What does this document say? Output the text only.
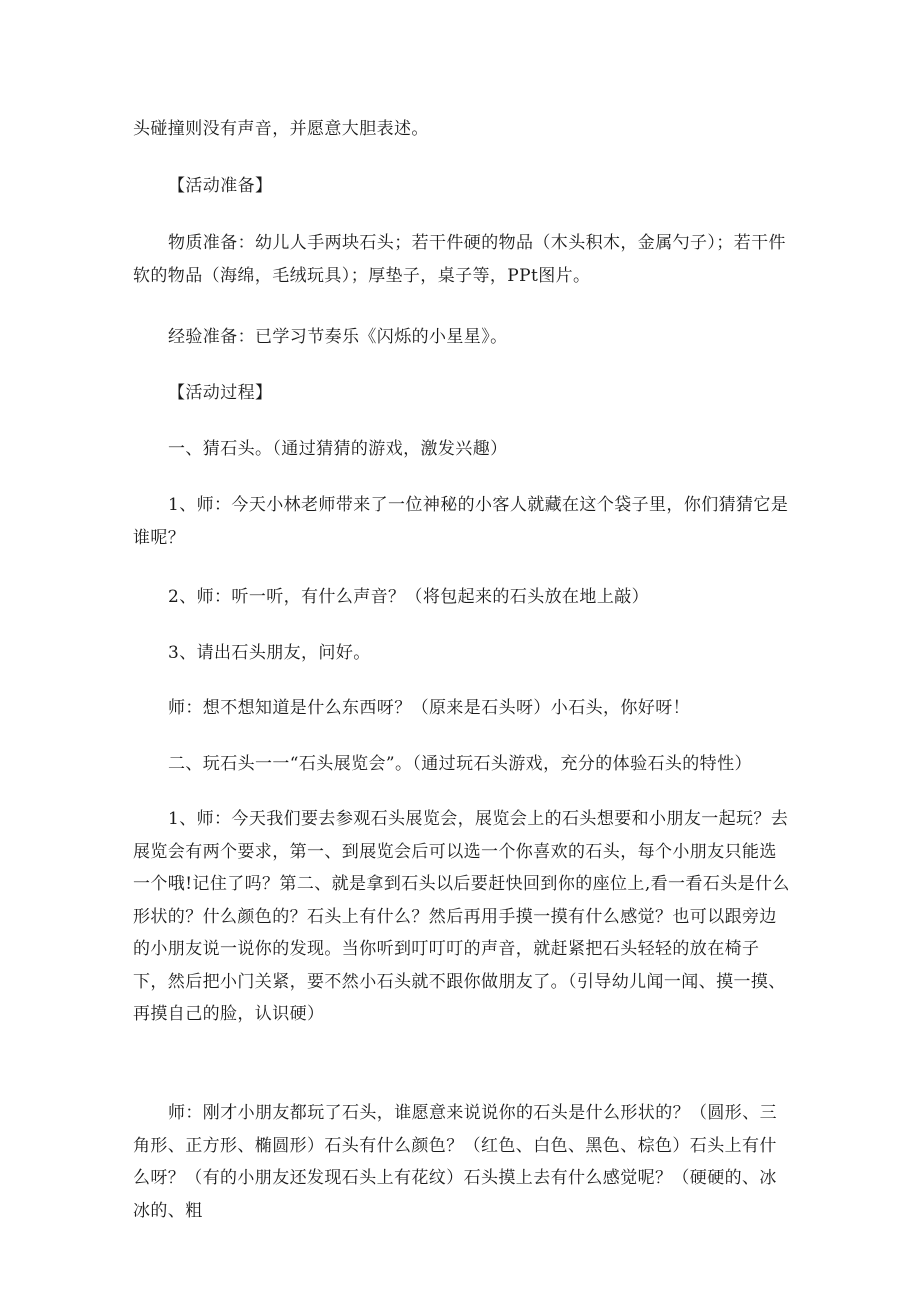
头碰撞则没有声音，并愿意大胆表述。

【活动准备】

物质准备：幼儿人手两块石头；若干件硬的物品（木头积木，金属勺子）；若干件软的物品（海绵，毛绒玩具）；厚垫子，桌子等，PPt图片。

经验准备：已学习节奏乐《闪烁的小星星》。

【活动过程】

一、猜石头。（通过猜猜的游戏，激发兴趣）

1、师：今天小林老师带来了一位神秘的小客人就藏在这个袋子里，你们猜猜它是谁呢？

2、师：听一听，有什么声音？（将包起来的石头放在地上敲）

3、请出石头朋友，问好。

师：想不想知道是什么东西呀？（原来是石头呀）小石头，你好呀！

二、玩石头一一“石头展览会”。（通过玩石头游戏，充分的体验石头的特性）

1、师：今天我们要去参观石头展览会，展览会上的石头想要和小朋友一起玩？去展览会有两个要求，第一、到展览会后可以选一个你喜欢的石头，每个小朋友只能选一个哦!记住了吗？第二、就是拿到石头以后要赶快回到你的座位上,看一看石头是什么形状的？什么颜色的？石头上有什么？然后再用手摸一摸有什么感觉？也可以跟旁边的小朋友说一说你的发现。当你听到叮叮叮的声音，就赶紧把石头轻轻的放在椅子下，然后把小门关紧，要不然小石头就不跟你做朋友了。（引导幼儿闻一闻、摸一摸、再摸自己的脸，认识硬）

师：刚才小朋友都玩了石头，谁愿意来说说你的石头是什么形状的？（圆形、三角形、正方形、椭圆形）石头有什么颜色？（红色、白色、黑色、棕色）石头上有什么呀？（有的小朋友还发现石头上有花纹）石头摸上去有什么感觉呢？（硬硬的、冰冰的、粗
